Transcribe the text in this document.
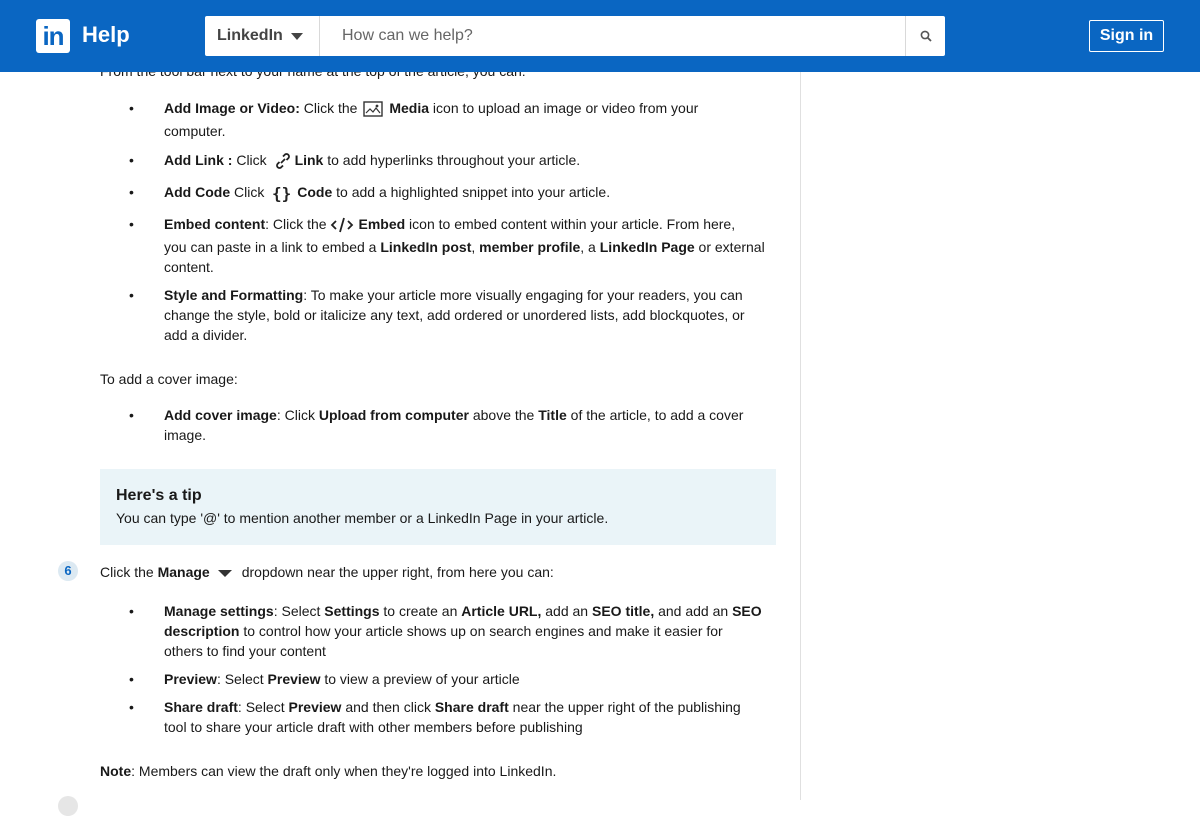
in Help	LinkedIn
How can we help?	Sign in
• Add Image or Video: Click the Media icon to upload an image or video from your
computer.
• Add Link : Click Link to add hyperlinks throughout your article.
• Add Code Click {} Code to add a highlighted snippet into your article.
• Embed content: Click the Embed icon to embed content within your article. From here,
you can paste in a link to embed a LinkedIn post, member profile, a LinkedIn Page or external
content.
• Style and Formatting: To make your article more visually engaging for your readers, you can
change the style, bold or italicize any text, add ordered or unordered lists, add blockquotes, or
add a divider.
To add a cover image:
• Add cover image: Click Upload from computer above the Title of the article, to add a cover
image.
Here's a tip
You can type '@' to mention another member or a LinkedIn Page in your article.
6	Click the Manage dropdown near the upper right, from here you can:
• Manage settings: Select Settings to create an Article URL, add an SEO title, and add an SEO
description to control how your article shows up on search engines and make it easier for
others to find your content
• Preview: Select Preview to view a preview of your article
• Share draft: Select Preview and then click Share draft near the upper right of the publishing
tool to share your article draft with other members before publishing
Note: Members can view the draft only when they're logged into LinkedIn.
